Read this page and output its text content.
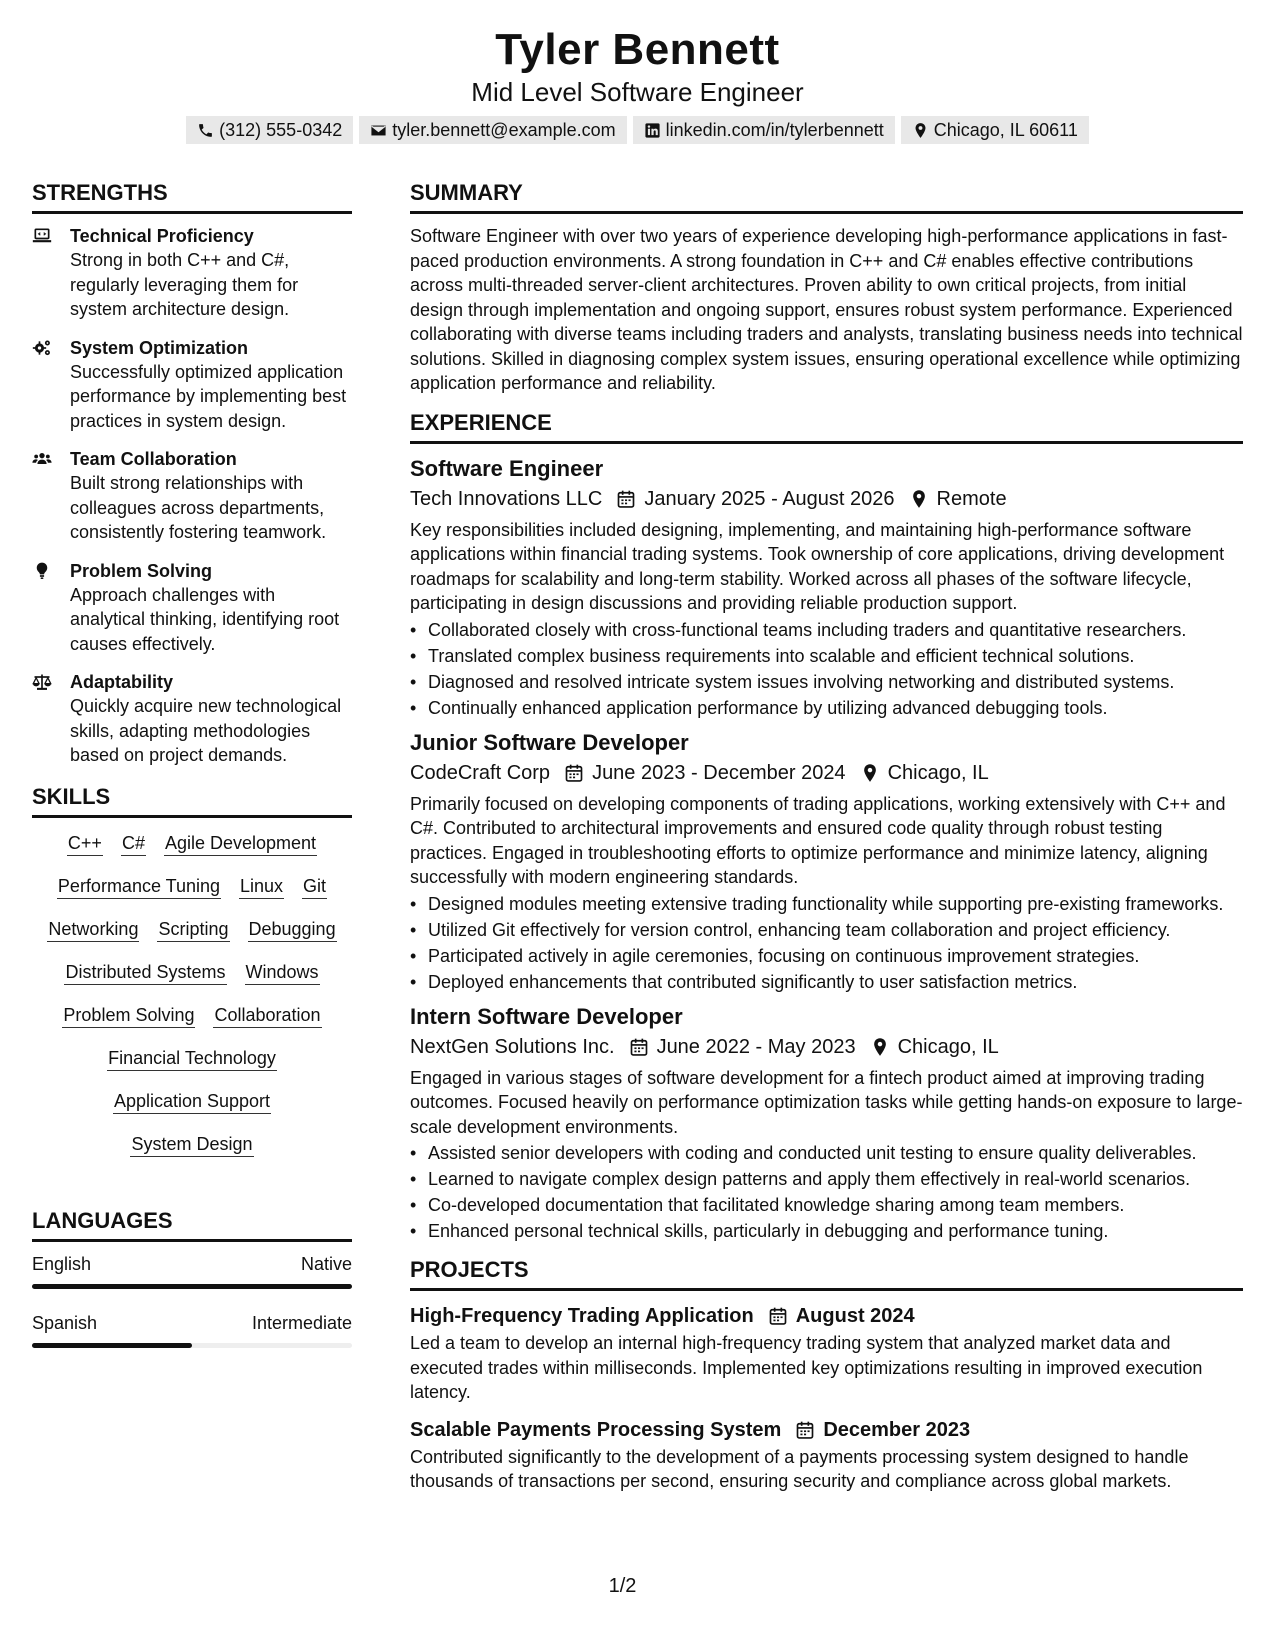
Tyler Bennett
Mid Level Software Engineer
(312) 555-0342	tyler.bennett@example.com	linkedin.com/in/tylerbennett	Chicago, IL 60611
STRENGTHS
Technical Proficiency
Strong in both C++ and C#, regularly leveraging them for system architecture design.
System Optimization
Successfully optimized application performance by implementing best practices in system design.
Team Collaboration
Built strong relationships with colleagues across departments, consistently fostering teamwork.
Problem Solving
Approach challenges with analytical thinking, identifying root causes effectively.
Adaptability
Quickly acquire new technological skills, adapting methodologies based on project demands.
SKILLS
C++ C# Agile Development
Performance Tuning Linux Git
Networking Scripting Debugging
Distributed Systems Windows
Problem Solving Collaboration
Financial Technology
Application Support
System Design
LANGUAGES
English	Native
Spanish	Intermediate
SUMMARY
Software Engineer with over two years of experience developing high-performance applications in fast-paced production environments. A strong foundation in C++ and C# enables effective contributions across multi-threaded server-client architectures. Proven ability to own critical projects, from initial design through implementation and ongoing support, ensures robust system performance. Experienced collaborating with diverse teams including traders and analysts, translating business needs into technical solutions. Skilled in diagnosing complex system issues, ensuring operational excellence while optimizing application performance and reliability.
EXPERIENCE
Software Engineer
Tech Innovations LLC January 2025 - August 2026 Remote
Key responsibilities included designing, implementing, and maintaining high-performance software applications within financial trading systems. Took ownership of core applications, driving development roadmaps for scalability and long-term stability. Worked across all phases of the software lifecycle, participating in design discussions and providing reliable production support.
• Collaborated closely with cross-functional teams including traders and quantitative researchers.
• Translated complex business requirements into scalable and efficient technical solutions.
• Diagnosed and resolved intricate system issues involving networking and distributed systems.
• Continually enhanced application performance by utilizing advanced debugging tools.
Junior Software Developer
CodeCraft Corp June 2023 - December 2024 Chicago, IL
Primarily focused on developing components of trading applications, working extensively with C++ and C#. Contributed to architectural improvements and ensured code quality through robust testing practices. Engaged in troubleshooting efforts to optimize performance and minimize latency, aligning successfully with modern engineering standards.
• Designed modules meeting extensive trading functionality while supporting pre-existing frameworks.
• Utilized Git effectively for version control, enhancing team collaboration and project efficiency.
• Participated actively in agile ceremonies, focusing on continuous improvement strategies.
• Deployed enhancements that contributed significantly to user satisfaction metrics.
Intern Software Developer
NextGen Solutions Inc. June 2022 - May 2023 Chicago, IL
Engaged in various stages of software development for a fintech product aimed at improving trading outcomes. Focused heavily on performance optimization tasks while getting hands-on exposure to large-scale development environments.
• Assisted senior developers with coding and conducted unit testing to ensure quality deliverables.
• Learned to navigate complex design patterns and apply them effectively in real-world scenarios.
• Co-developed documentation that facilitated knowledge sharing among team members.
• Enhanced personal technical skills, particularly in debugging and performance tuning.
PROJECTS
High-Frequency Trading Application August 2024
Led a team to develop an internal high-frequency trading system that analyzed market data and executed trades within milliseconds. Implemented key optimizations resulting in improved execution latency.
Scalable Payments Processing System December 2023
Contributed significantly to the development of a payments processing system designed to handle thousands of transactions per second, ensuring security and compliance across global markets.
1/2
